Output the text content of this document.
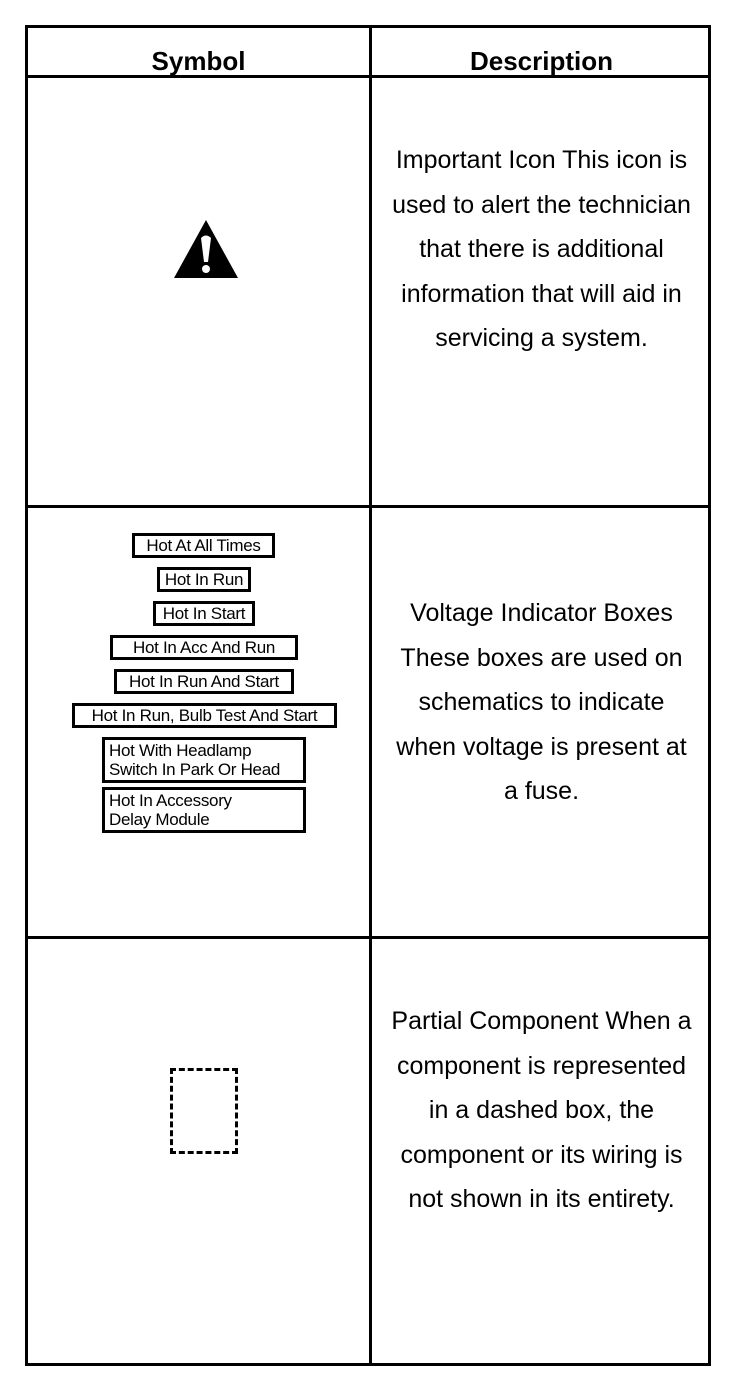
Symbol	Description
Important Icon This icon is used to alert the technician that there is additional information that will aid in servicing a system.
Hot At All Times
Hot In Run
Hot In Start
Hot In Acc And Run
Hot In Run And Start
Hot In Run, Bulb Test And Start
Hot With Headlamp
Switch In Park Or Head
Hot In Accessory
Delay Module
Voltage Indicator Boxes These boxes are used on schematics to indicate when voltage is present at a fuse.
Partial Component When a component is represented in a dashed box, the component or its wiring is not shown in its entirety.
